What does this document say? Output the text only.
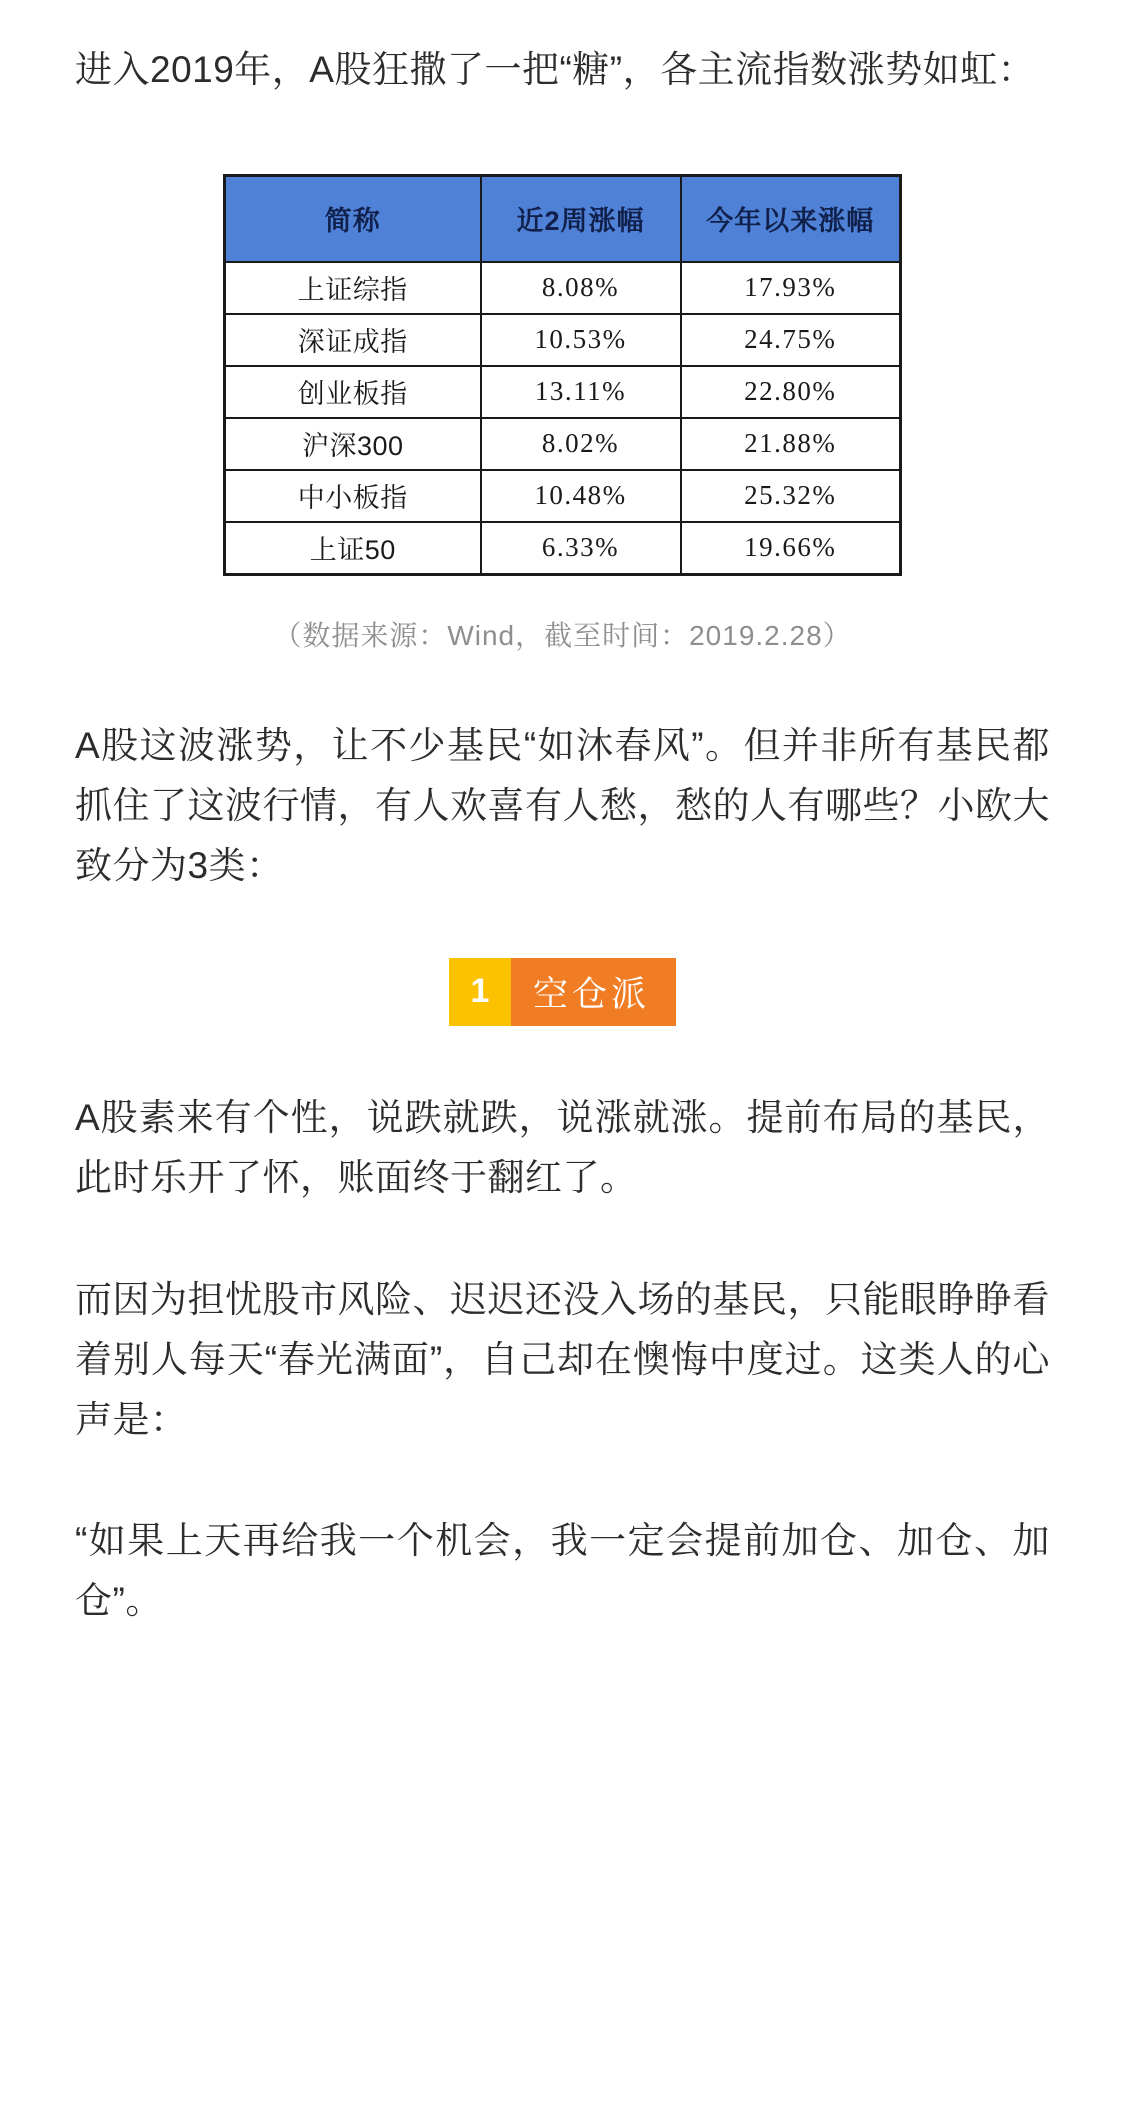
进入2019年，A股狂撒了一把“糖”，各主流指数涨势如虹：

简称	近2周涨幅	今年以来涨幅
上证综指	8.08%	17.93%
深证成指	10.53%	24.75%
创业板指	13.11%	22.80%
沪深300	8.02%	21.88%
中小板指	10.48%	25.32%
上证50	6.33%	19.66%
（数据来源：Wind，截至时间：2019.2.28）

A股这波涨势，让不少基民“如沐春风”。但并非所有基民都抓住了这波行情，有人欢喜有人愁，愁的人有哪些？小欧大致分为3类：

1	空仓派

A股素来有个性，说跌就跌，说涨就涨。提前布局的基民，此时乐开了怀，账面终于翻红了。

而因为担忧股市风险、迟迟还没入场的基民，只能眼睁睁看着别人每天“春光满面”，自己却在懊悔中度过。这类人的心声是：

“如果上天再给我一个机会，我一定会提前加仓、加仓、加仓”。
